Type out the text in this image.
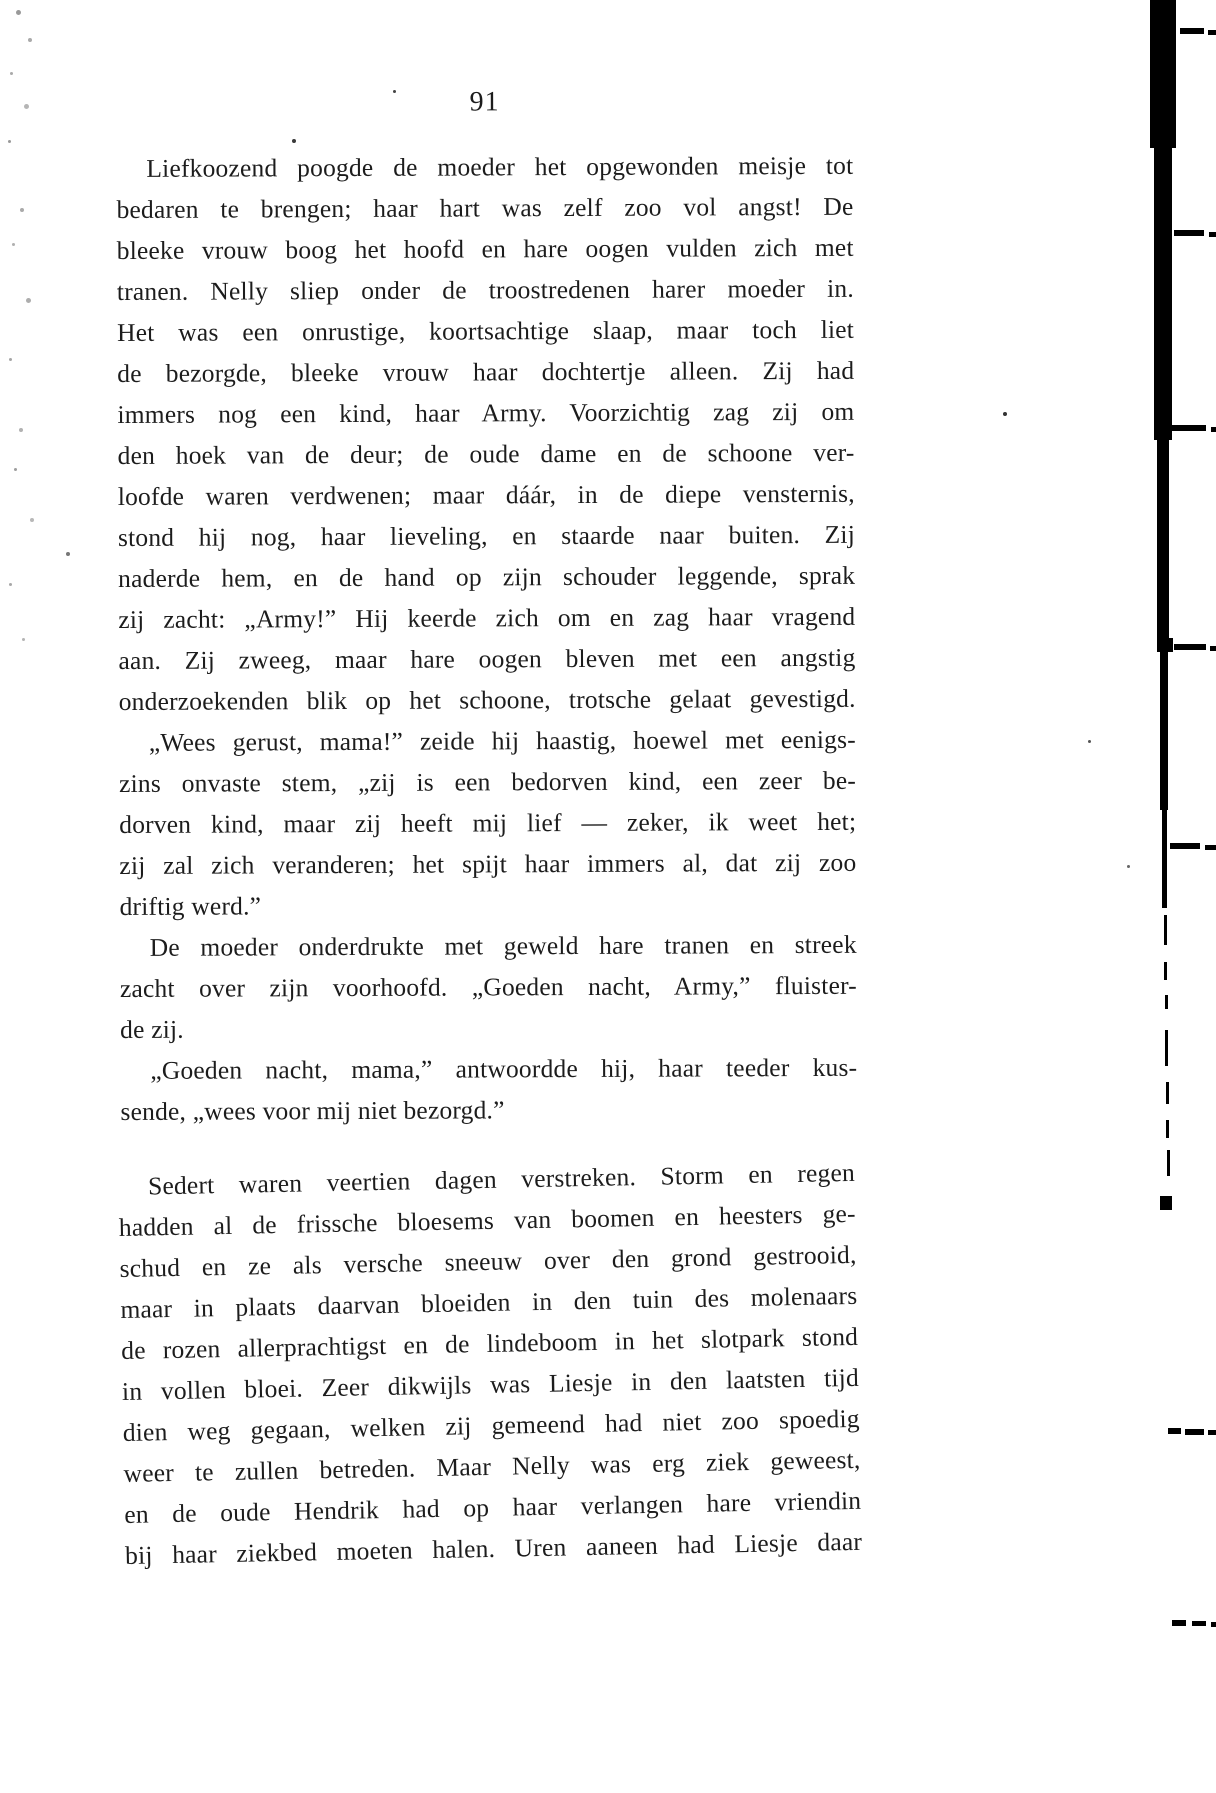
91
Liefkoozend poogde de moeder het opgewonden meisje tot
bedaren te brengen; haar hart was zelf zoo vol angst! De
bleeke vrouw boog het hoofd en hare oogen vulden zich met
tranen. Nelly sliep onder de troostredenen harer moeder in.
Het was een onrustige, koortsachtige slaap, maar toch liet
de bezorgde, bleeke vrouw haar dochtertje alleen. Zij had
immers nog een kind, haar Army. Voorzichtig zag zij om
den hoek van de deur; de oude dame en de schoone ver-
loofde waren verdwenen; maar dáár, in de diepe vensternis,
stond hij nog, haar lieveling, en staarde naar buiten. Zij
naderde hem, en de hand op zijn schouder leggende, sprak
zij zacht: „Army!” Hij keerde zich om en zag haar vragend
aan. Zij zweeg, maar hare oogen bleven met een angstig
onderzoekenden blik op het schoone, trotsche gelaat gevestigd.
„Wees gerust, mama!” zeide hij haastig, hoewel met eenigs-
zins onvaste stem, „zij is een bedorven kind, een zeer be-
dorven kind, maar zij heeft mij lief — zeker, ik weet het;
zij zal zich veranderen; het spijt haar immers al, dat zij zoo
driftig werd.”
De moeder onderdrukte met geweld hare tranen en streek
zacht over zijn voorhoofd. „Goeden nacht, Army,” fluister-
de zij.
„Goeden nacht, mama,” antwoordde hij, haar teeder kus-
sende, „wees voor mij niet bezorgd.”
Sedert waren veertien dagen verstreken. Storm en regen
hadden al de frissche bloesems van boomen en heesters ge-
schud en ze als versche sneeuw over den grond gestrooid,
maar in plaats daarvan bloeiden in den tuin des molenaars
de rozen allerprachtigst en de lindeboom in het slotpark stond
in vollen bloei. Zeer dikwijls was Liesje in den laatsten tijd
dien weg gegaan, welken zij gemeend had niet zoo spoedig
weer te zullen betreden. Maar Nelly was erg ziek geweest,
en de oude Hendrik had op haar verlangen hare vriendin
bij haar ziekbed moeten halen. Uren aaneen had Liesje daar
